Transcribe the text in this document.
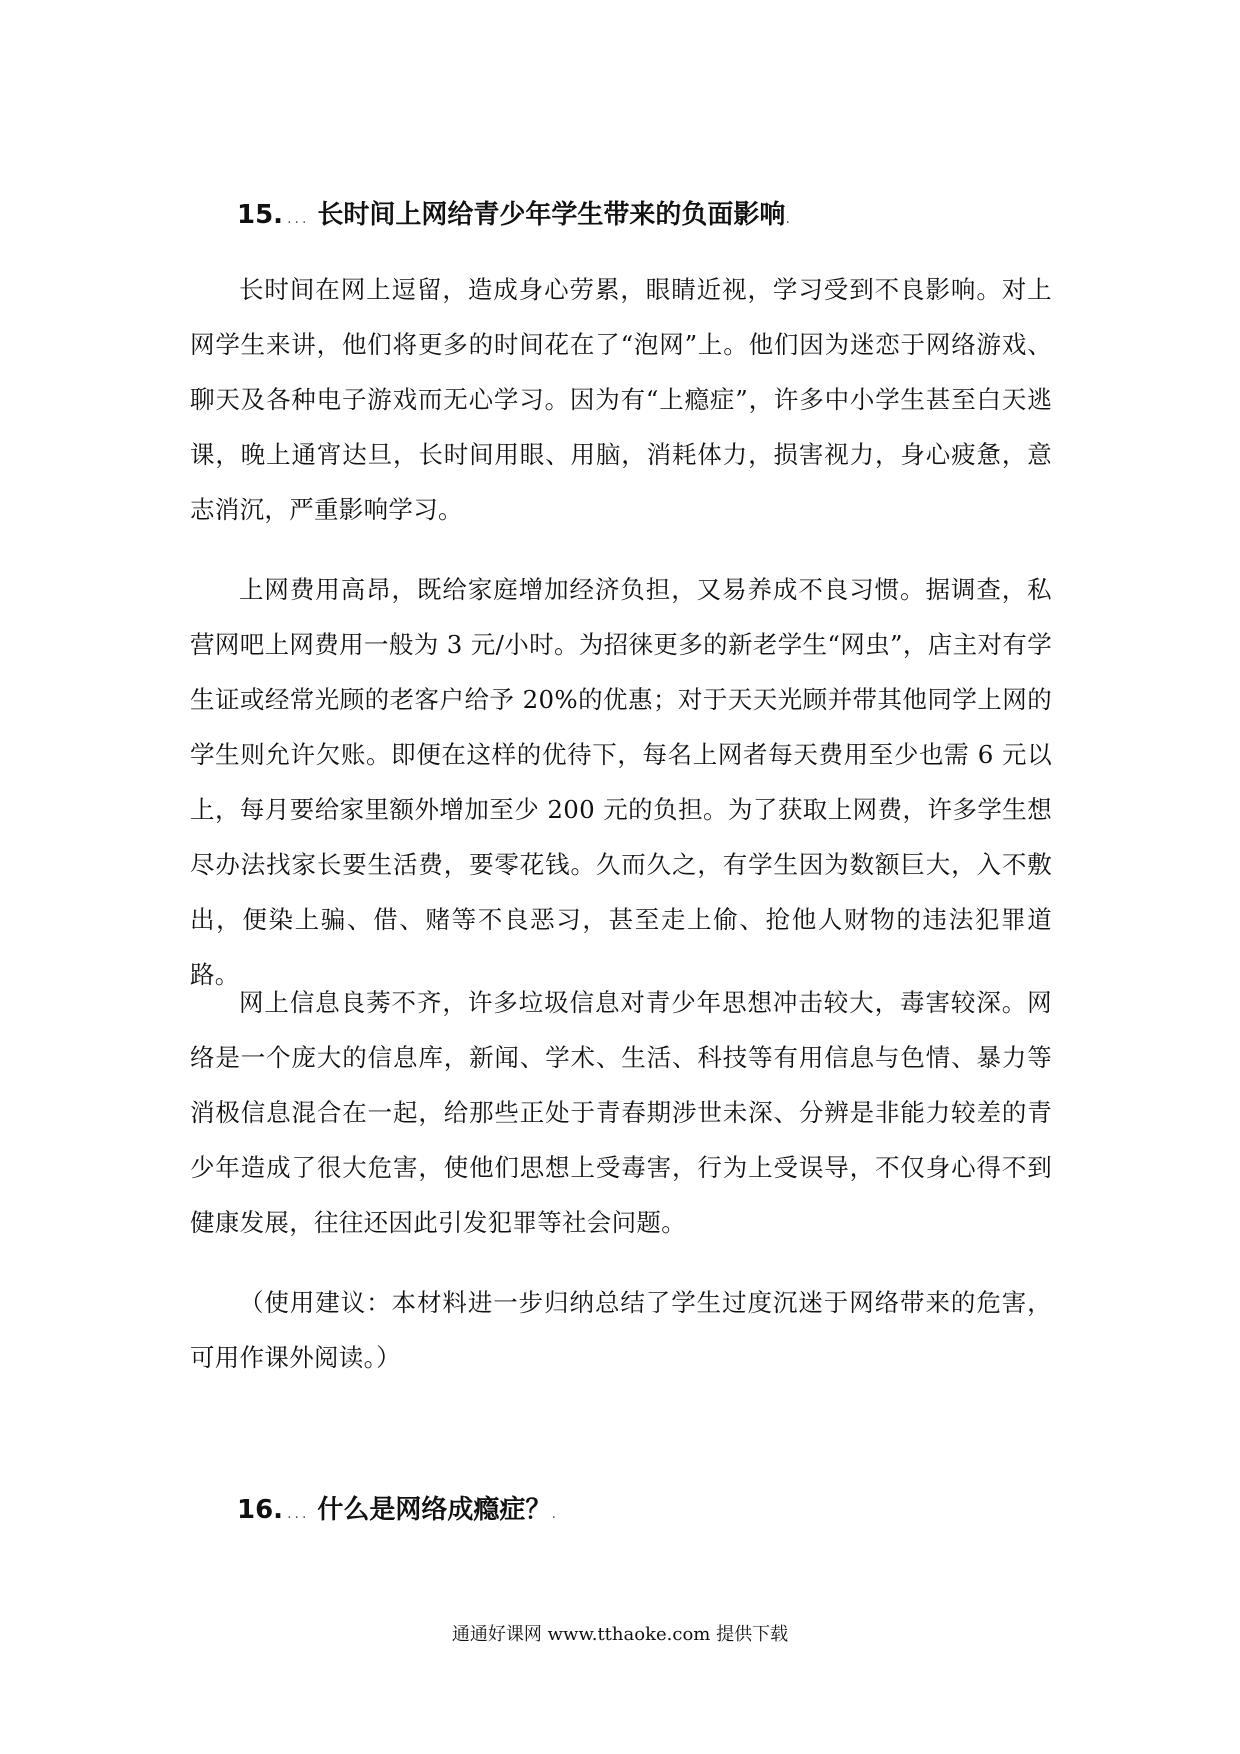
15. ... 长时间上网给青少年学生带来的负面影响.

长时间在网上逗留，造成身心劳累，眼睛近视，学习受到不良影响。对上网学生来讲，他们将更多的时间花在了“泡网”上。他们因为迷恋于网络游戏、聊天及各种电子游戏而无心学习。因为有“上瘾症”，许多中小学生甚至白天逃课，晚上通宵达旦，长时间用眼、用脑，消耗体力，损害视力，身心疲惫，意志消沉，严重影响学习。

上网费用高昂，既给家庭增加经济负担，又易养成不良习惯。据调查，私营网吧上网费用一般为 3 元/小时。为招徕更多的新老学生“网虫”，店主对有学生证或经常光顾的老客户给予 20%的优惠；对于天天光顾并带其他同学上网的学生则允许欠账。即便在这样的优待下，每名上网者每天费用至少也需 6 元以上，每月要给家里额外增加至少 200 元的负担。为了获取上网费，许多学生想尽办法找家长要生活费，要零花钱。久而久之，有学生因为数额巨大，入不敷出，便染上骗、借、赌等不良恶习，甚至走上偷、抢他人财物的违法犯罪道路。

网上信息良莠不齐，许多垃圾信息对青少年思想冲击较大，毒害较深。网络是一个庞大的信息库，新闻、学术、生活、科技等有用信息与色情、暴力等消极信息混合在一起，给那些正处于青春期涉世未深、分辨是非能力较差的青少年造成了很大危害，使他们思想上受毒害，行为上受误导，不仅身心得不到健康发展，往往还因此引发犯罪等社会问题。

（使用建议：本材料进一步归纳总结了学生过度沉迷于网络带来的危害，可用作课外阅读。）

16. ... 什么是网络成瘾症？.

通通好课网 www.tthaoke.com 提供下载
